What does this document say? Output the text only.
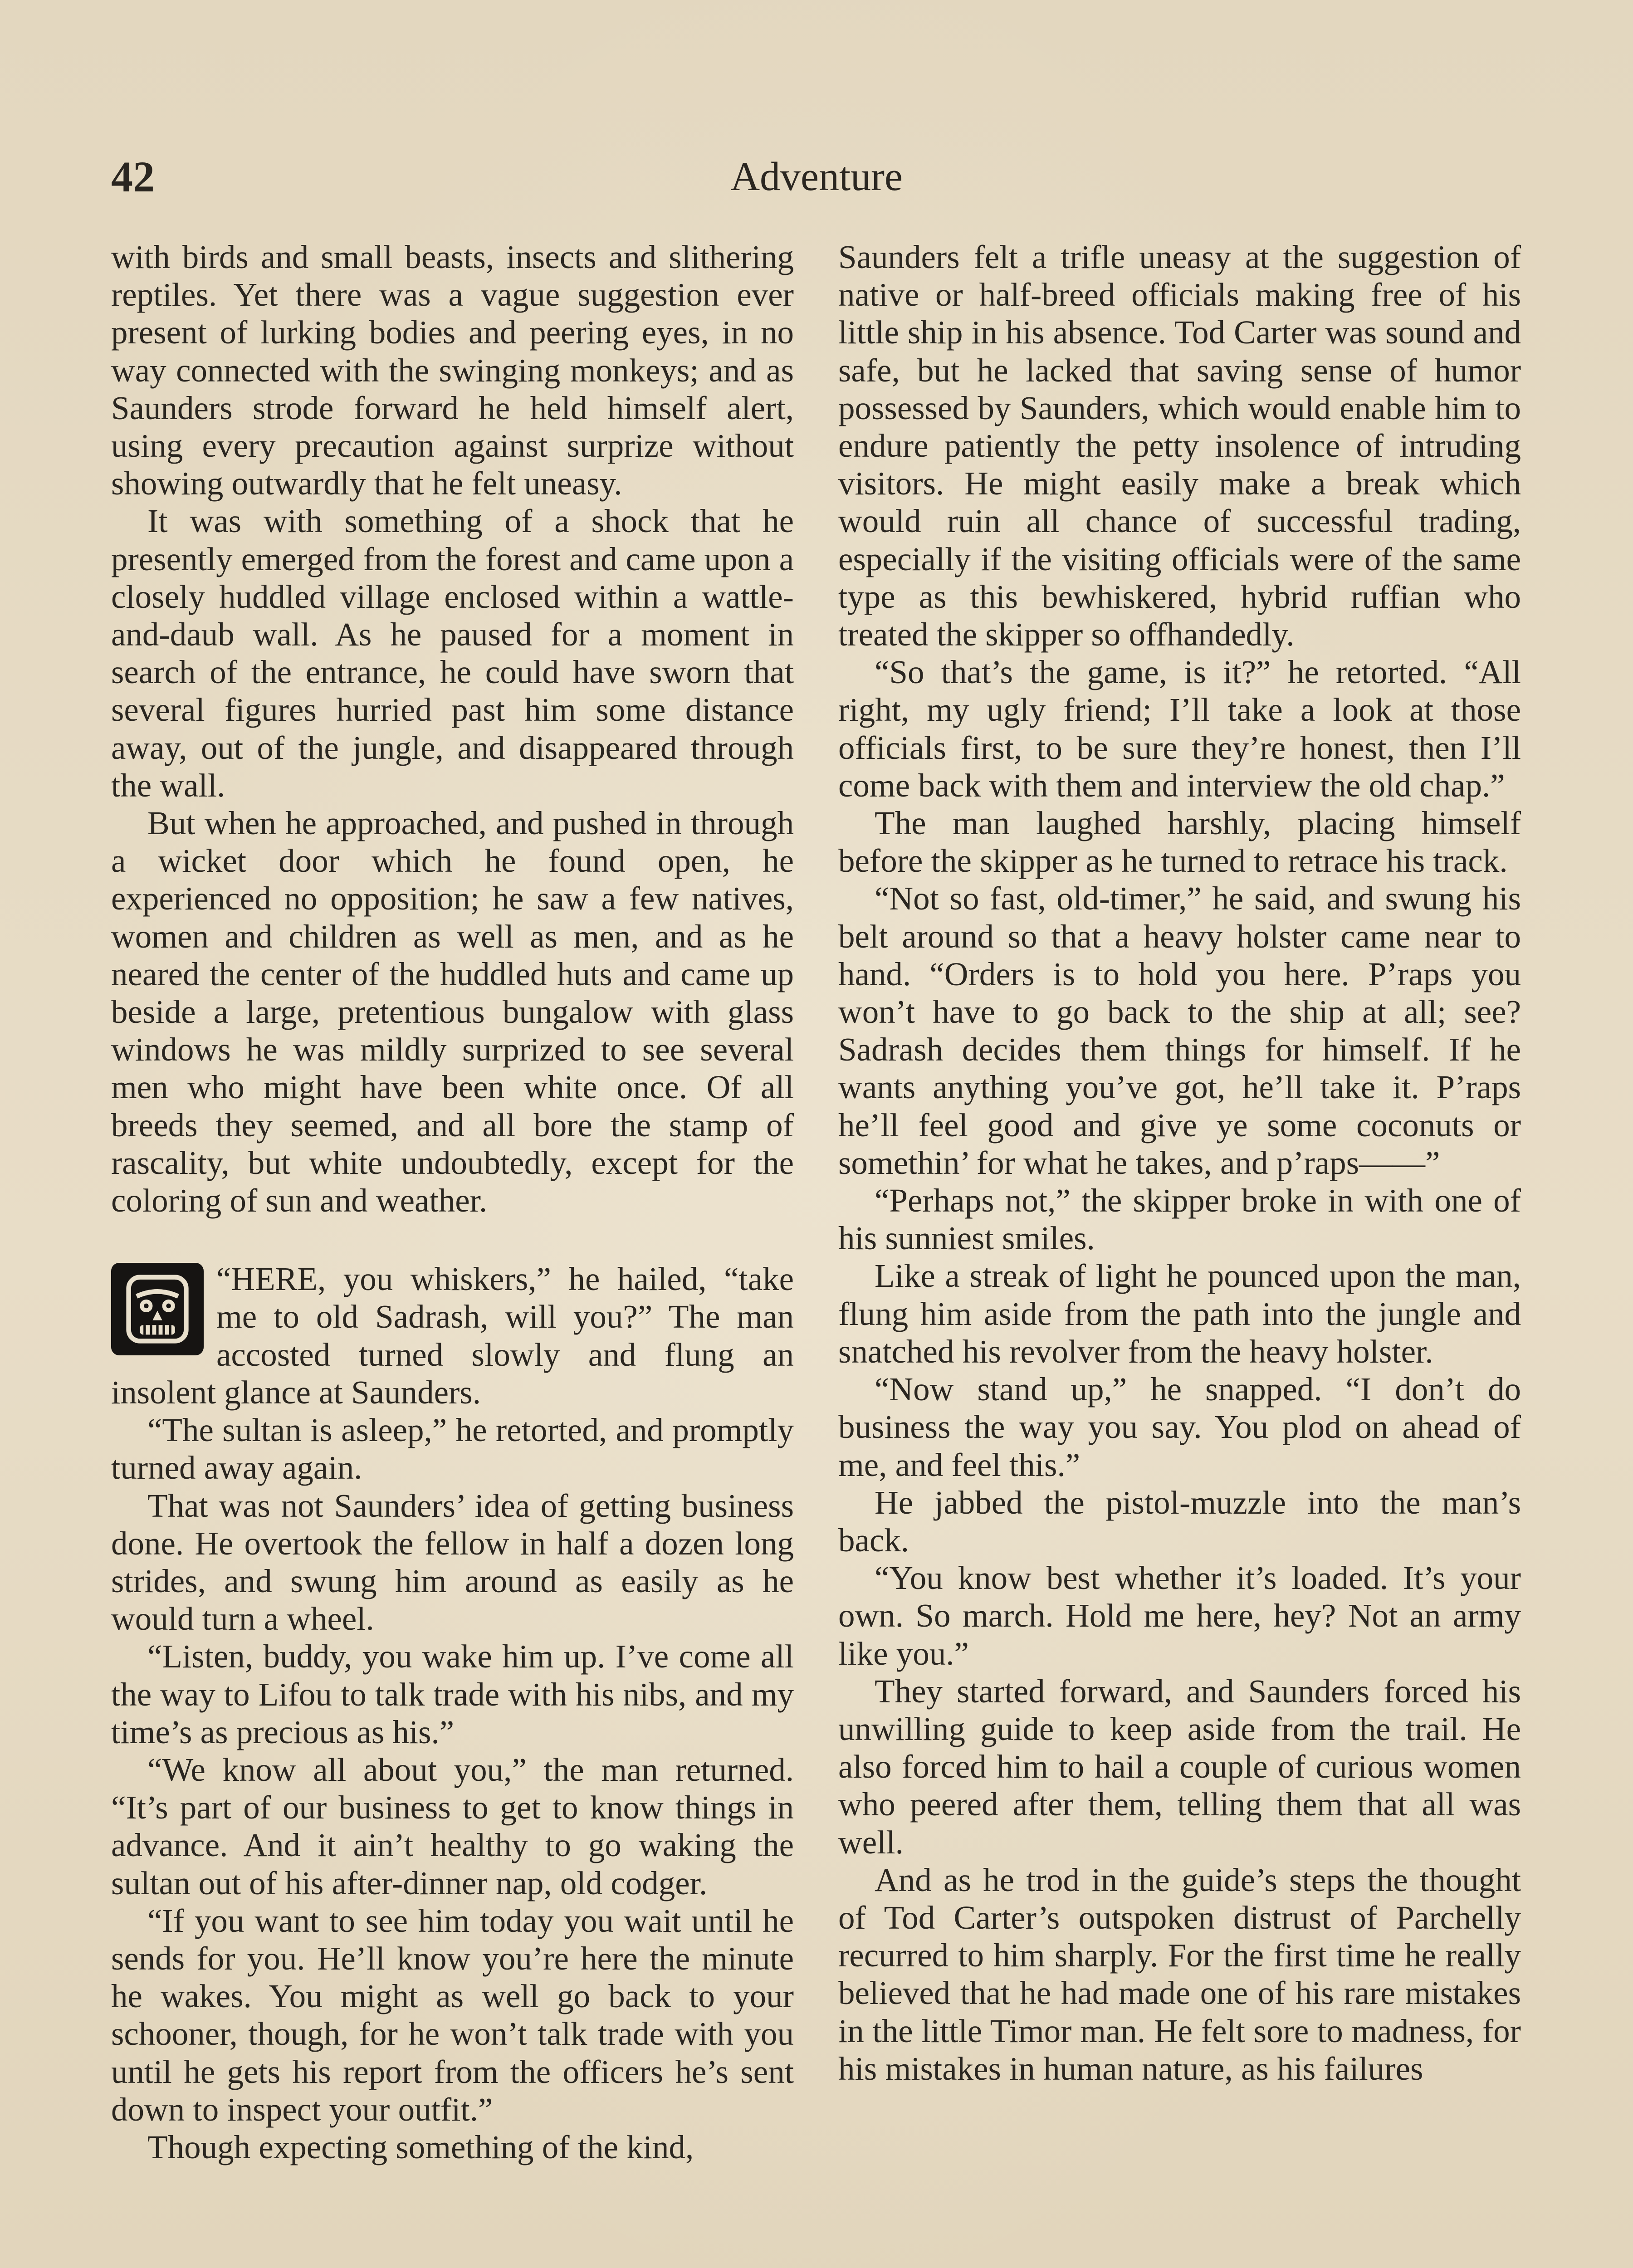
42	Adventure

with birds and small beasts, insects and slithering reptiles. Yet there was a vague suggestion ever present of lurking bodies and peering eyes, in no way connected with the swinging monkeys; and as Saunders strode forward he held himself alert, using every precaution against surprize without showing outwardly that he felt uneasy.

It was with something of a shock that he presently emerged from the forest and came upon a closely huddled village enclosed within a wattle-and-daub wall. As he paused for a moment in search of the entrance, he could have sworn that several figures hurried past him some distance away, out of the jungle, and disappeared through the wall.

But when he approached, and pushed in through a wicket door which he found open, he experienced no opposition; he saw a few natives, women and children as well as men, and as he neared the center of the huddled huts and came up beside a large, pretentious bungalow with glass windows he was mildly surprized to see several men who might have been white once. Of all breeds they seemed, and all bore the stamp of rascality, but white undoubtedly, except for the coloring of sun and weather.

“HERE, you whiskers,” he hailed, “take me to old Sadrash, will you?” The man accosted turned slowly and flung an insolent glance at Saunders.

“The sultan is asleep,” he retorted, and promptly turned away again.

That was not Saunders’ idea of getting business done. He overtook the fellow in half a dozen long strides, and swung him around as easily as he would turn a wheel.

“Listen, buddy, you wake him up. I’ve come all the way to Lifou to talk trade with his nibs, and my time’s as precious as his.”

“We know all about you,” the man returned. “It’s part of our business to get to know things in advance. And it ain’t healthy to go waking the sultan out of his after-dinner nap, old codger.

“If you want to see him today you wait until he sends for you. He’ll know you’re here the minute he wakes. You might as well go back to your schooner, though, for he won’t talk trade with you until he gets his report from the officers he’s sent down to inspect your outfit.”

Though expecting something of the kind,

Saunders felt a trifle uneasy at the suggestion of native or half-breed officials making free of his little ship in his absence. Tod Carter was sound and safe, but he lacked that saving sense of humor possessed by Saunders, which would enable him to endure patiently the petty insolence of intruding visitors. He might easily make a break which would ruin all chance of successful trading, especially if the visiting officials were of the same type as this bewhiskered, hybrid ruffian who treated the skipper so offhandedly.

“So that’s the game, is it?” he retorted. “All right, my ugly friend; I’ll take a look at those officials first, to be sure they’re honest, then I’ll come back with them and interview the old chap.”

The man laughed harshly, placing himself before the skipper as he turned to retrace his track.

“Not so fast, old-timer,” he said, and swung his belt around so that a heavy holster came near to hand. “Orders is to hold you here. P’raps you won’t have to go back to the ship at all; see? Sadrash decides them things for himself. If he wants anything you’ve got, he’ll take it. P’raps he’ll feel good and give ye some coconuts or somethin’ for what he takes, and p’raps——”

“Perhaps not,” the skipper broke in with one of his sunniest smiles.

Like a streak of light he pounced upon the man, flung him aside from the path into the jungle and snatched his revolver from the heavy holster.

“Now stand up,” he snapped. “I don’t do business the way you say. You plod on ahead of me, and feel this.”

He jabbed the pistol-muzzle into the man’s back.

“You know best whether it’s loaded. It’s your own. So march. Hold me here, hey? Not an army like you.”

They started forward, and Saunders forced his unwilling guide to keep aside from the trail. He also forced him to hail a couple of curious women who peered after them, telling them that all was well.

And as he trod in the guide’s steps the thought of Tod Carter’s outspoken distrust of Parchelly recurred to him sharply. For the first time he really believed that he had made one of his rare mistakes in the little Timor man. He felt sore to madness, for his mistakes in human nature, as his failures
